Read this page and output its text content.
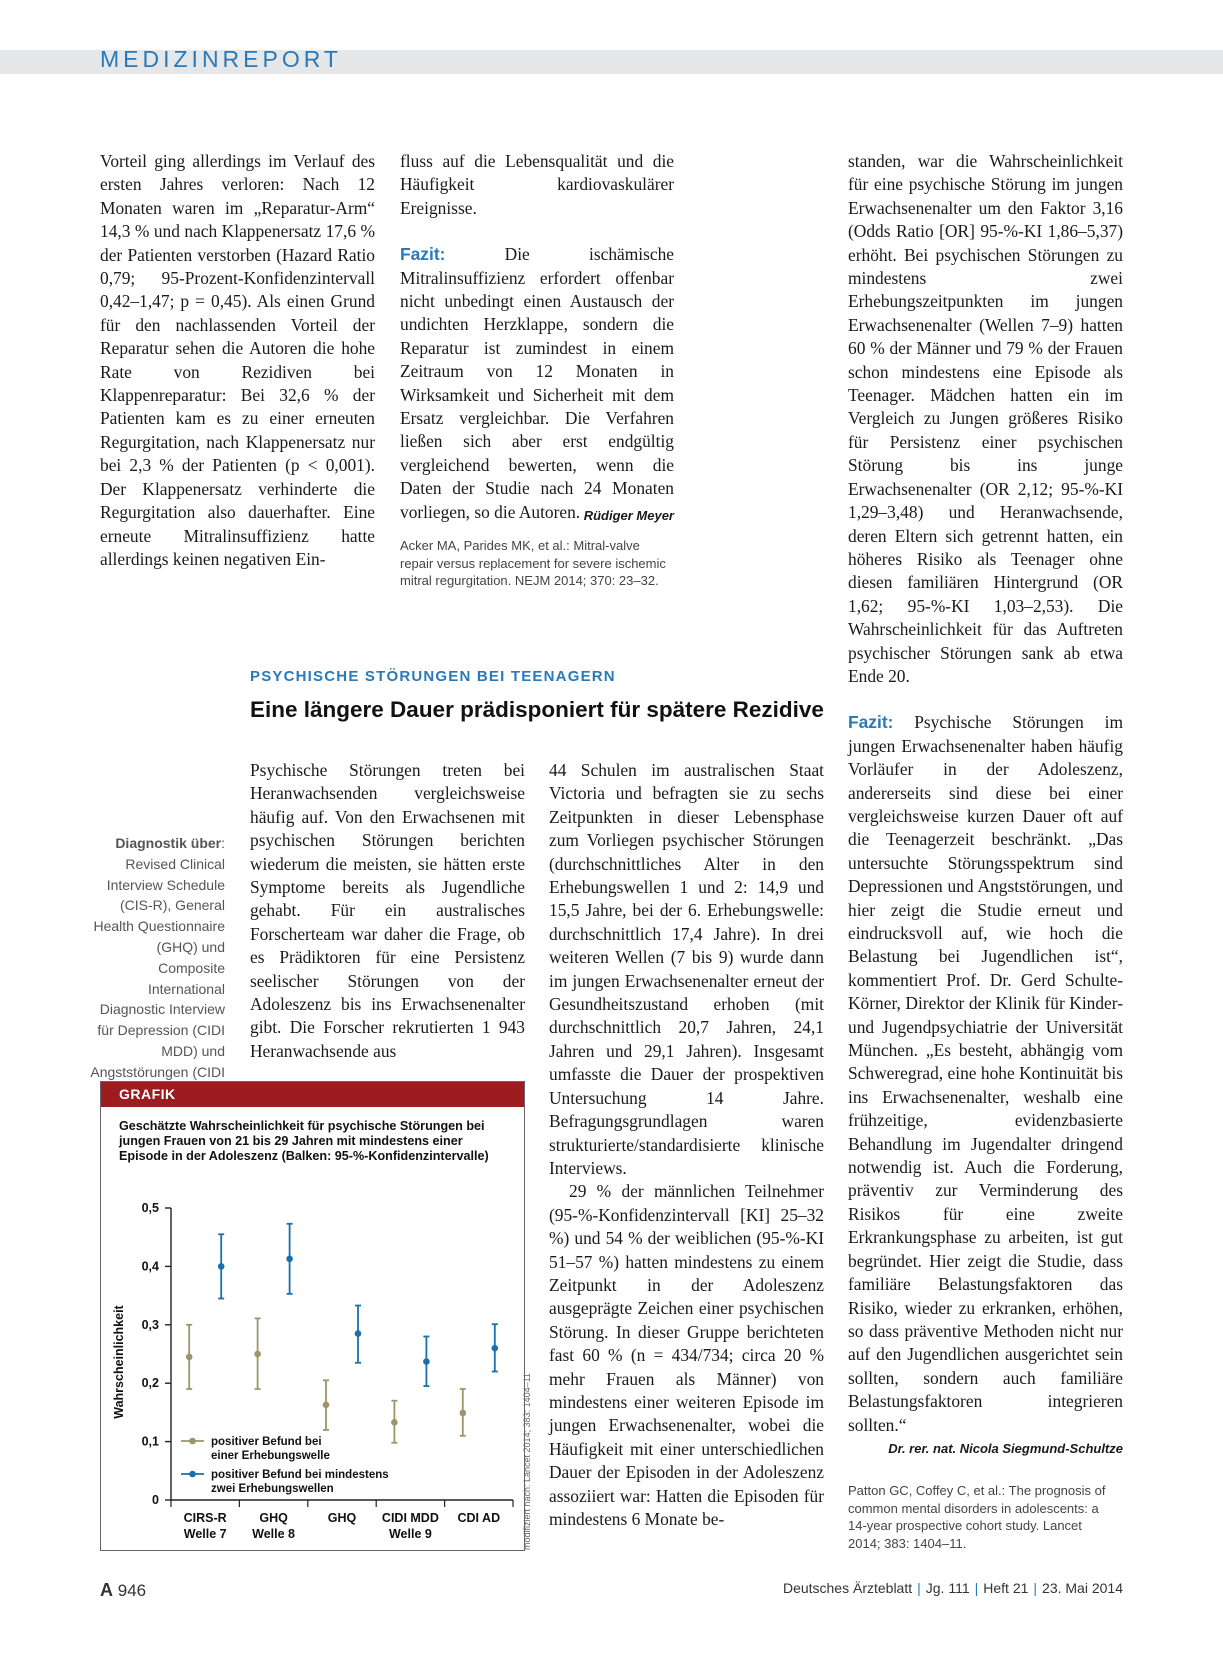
MEDIZINREPORT

Vorteil ging allerdings im Verlauf des ersten Jahres verloren: Nach 12 Monaten waren im „Reparatur-Arm“ 14,3 % und nach Klappenersatz 17,6 % der Patienten verstorben (Hazard Ratio 0,79; 95-Prozent-Konfidenzintervall 0,42–1,47; p = 0,45). Als einen Grund für den nachlassenden Vorteil der Reparatur sehen die Autoren die hohe Rate von Rezidiven bei Klappenreparatur: Bei 32,6 % der Patienten kam es zu einer erneuten Regurgitation, nach Klappenersatz nur bei 2,3 % der Patienten (p < 0,001). Der Klappenersatz verhinderte die Regurgitation also dauerhafter. Eine erneute Mitralinsuffizienz hatte allerdings keinen negativen Ein-

fluss auf die Lebensqualität und die Häufigkeit kardiovaskulärer Ereignisse.

Fazit:	Die ischämische Mitralinsuffizienz erfordert offenbar nicht unbedingt einen Austausch der undichten Herzklappe, sondern die Reparatur ist zumindest in einem Zeitraum von 12 Monaten in Wirksamkeit und Sicherheit mit dem Ersatz vergleichbar. Die Verfahren ließen sich aber erst endgültig vergleichend bewerten, wenn die Daten der Studie nach 24 Monaten vorliegen, so die Autoren. Rüdiger Meyer

Acker MA, Parides MK, et al.: Mitral-valve repair versus replacement for severe ischemic mitral regurgitation. NEJM 2014; 370: 23–32.
PSYCHISCHE STÖRUNGEN BEI TEENAGERN
Eine längere Dauer prädisponiert für spätere Rezidive
Diagnostik über: Revised Clinical Interview Schedule (CIS-R), General Health Questionnaire (GHQ) und Composite International Diagnostic Interview für Depression (CIDI MDD) und Angststörungen (CIDI

Psychische Störungen treten bei Heranwachsenden vergleichsweise häufig auf. Von den Erwachsenen mit psychischen Störungen berichten wiederum die meisten, sie hätten erste Symptome bereits als Jugendliche gehabt. Für ein australisches Forscherteam war daher die Frage, ob es Prädiktoren für eine Persistenz seelischer Störungen von der Adoleszenz bis ins Erwachsenenalter gibt. Die Forscher rekrutierten 1 943 Heranwachsende aus

44 Schulen im australischen Staat Victoria und befragten sie zu sechs Zeitpunkten in dieser Lebensphase zum Vorliegen psychischer Störungen (durchschnittliches Alter in den Erhebungswellen 1 und 2: 14,9 und 15,5 Jahre, bei der 6. Erhebungswelle: durchschnittlich 17,4 Jahre). In drei weiteren Wellen (7 bis 9) wurde dann im jungen Erwachsenenalter erneut der Gesundheitszustand erhoben (mit durchschnittlich 20,7 Jahren, 24,1 Jahren und 29,1 Jahren). Insgesamt umfasste die Dauer der prospektiven Untersuchung 14 Jahre. Befragungsgrundlagen waren strukturierte/standardisierte klinische Interviews.

29 % der männlichen Teilnehmer (95-%-Konfidenzintervall [KI] 25–32 %) und 54 % der weiblichen (95-%-KI 51–57 %) hatten mindestens zu einem Zeitpunkt in der Adoleszenz ausgeprägte Zeichen einer psychischen Störung. In dieser Gruppe berichteten fast 60 % (n = 434/734; circa 20 % mehr Frauen als Männer) von mindestens einer weiteren Episode im jungen Erwachsenenalter, wobei die Häufigkeit mit einer unterschiedlichen Dauer der Episoden in der Adoleszenz assoziiert war: Hatten die Episoden für mindestens 6 Monate be-

standen, war die Wahrscheinlichkeit für eine psychische Störung im jungen Erwachsenenalter um den Faktor 3,16 (Odds Ratio [OR] 95-%-KI 1,86–5,37) erhöht. Bei psychischen Störungen zu mindestens zwei Erhebungszeitpunkten im jungen Erwachsenenalter (Wellen 7–9) hatten 60 % der Männer und 79 % der Frauen schon mindestens eine Episode als Teenager. Mädchen hatten ein im Vergleich zu Jungen größeres Risiko für Persistenz einer psychischen Störung bis ins junge Erwachsenenalter (OR 2,12; 95-%-KI 1,29–3,48) und Heranwachsende, deren Eltern sich getrennt hatten, ein höheres Risiko als Teenager ohne diesen familiären Hintergrund (OR 1,62; 95-%-KI 1,03–2,53). Die Wahrscheinlichkeit für das Auftreten psychischer Störungen sank ab etwa Ende 20.

Fazit: Psychische Störungen im jungen Erwachsenenalter haben häufig Vorläufer in der Adoleszenz, andererseits sind diese bei einer vergleichsweise kurzen Dauer oft auf die Teenagerzeit beschränkt. „Das untersuchte Störungsspektrum sind Depressionen und Angststörungen, und hier zeigt die Studie erneut und eindrucksvoll auf, wie hoch die Belastung bei Jugendlichen ist“, kommentiert Prof. Dr. Gerd Schulte-Körner, Direktor der Klinik für Kinder- und Jugendpsychiatrie der Universität München. „Es besteht, abhängig vom Schweregrad, eine hohe Kontinuität bis ins Erwachsenenalter, weshalb eine frühzeitige, evidenzbasierte Behandlung im Jugendalter dringend notwendig ist. Auch die Forderung, präventiv zur Verminderung des Risikos für eine zweite Erkrankungsphase zu arbeiten, ist gut begründet. Hier zeigt die Studie, dass familiäre Belastungsfaktoren das Risiko, wieder zu erkranken, erhöhen, so dass präventive Methoden nicht nur auf den Jugendlichen ausgerichtet sein sollten, sondern auch familiäre Belastungsfaktoren integrieren sollten.“

Dr. rer. nat. Nicola Siegmund-Schultze
Patton GC, Coffey C, et al.: The prognosis of common mental disorders in adolescents: a 14-year prospective cohort study. Lancet 2014; 383: 1404–11.
GRAFIK
Geschätzte Wahrscheinlichkeit für psychische Störungen bei jungen Frauen von 21 bis 29 Jahren mit mindestens einer Episode in der Adoleszenz (Balken: 95-%-Konfidenzintervalle)
0
0,1
0,2
0,3
0,4
0,5
Wahrscheinlichkeit
CIRS-R
Welle 7
GHQ
Welle 8
GHQ CIDI MDD
Welle 9
CDI AD
positiver Befund bei
einer Erhebungswelle
positiver Befund bei mindestens
zwei Erhebungswellen	modifiziert nach: Lancet 2014; 383: 1404–11
A 946	Deutsches Ärzteblatt | Jg. 111 | Heft 21 | 23. Mai 2014
